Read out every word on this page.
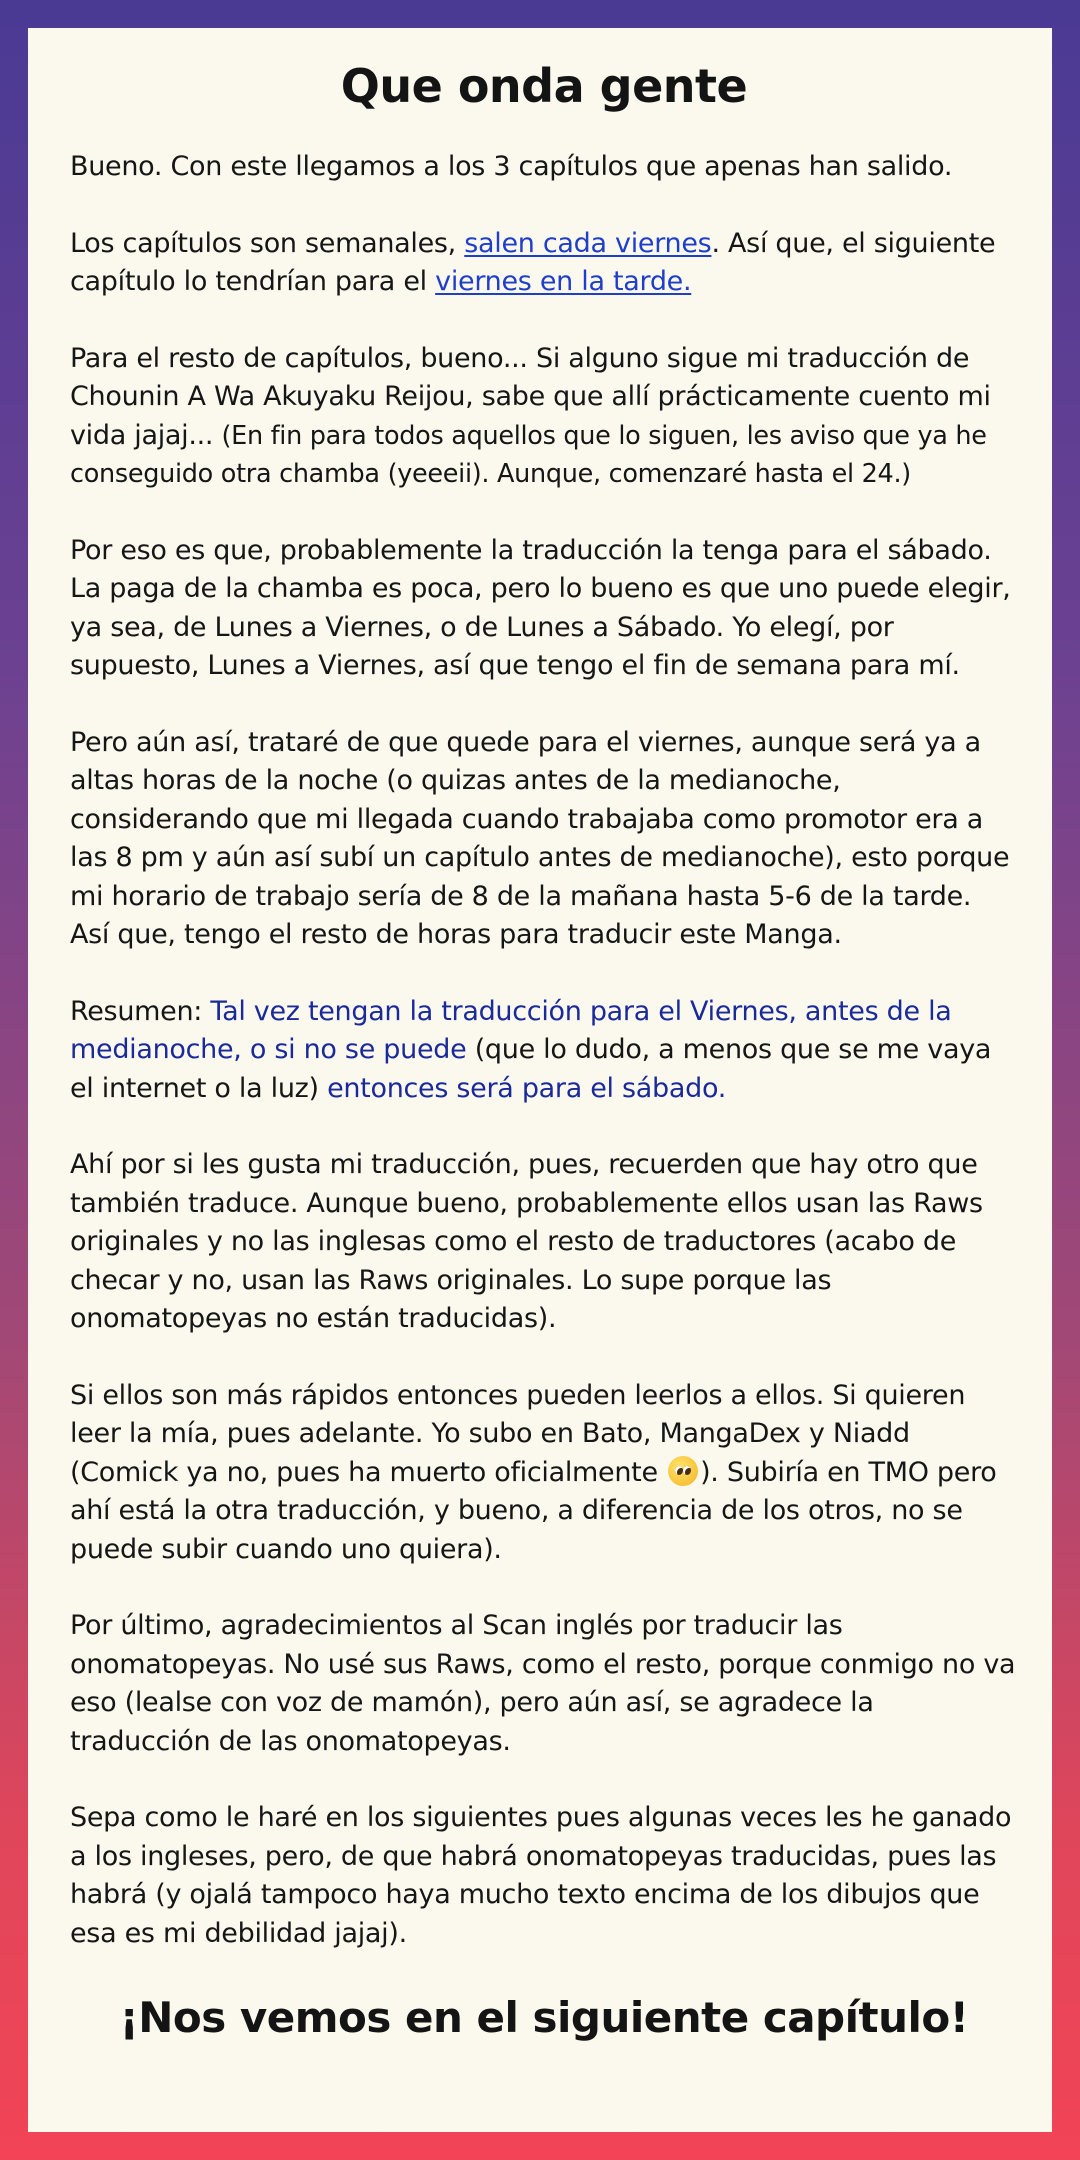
Que onda gente

Bueno. Con este llegamos a los 3 capítulos que apenas han salido.

Los capítulos son semanales, salen cada viernes. Así que, el siguiente capítulo lo tendrían para el viernes en la tarde.

Para el resto de capítulos, bueno... Si alguno sigue mi traducción de Chounin A Wa Akuyaku Reijou, sabe que allí prácticamente cuento mi vida jajaj... (En fin para todos aquellos que lo siguen, les aviso que ya he conseguido otra chamba (yeeeii). Aunque, comenzaré hasta el 24.)

Por eso es que, probablemente la traducción la tenga para el sábado. La paga de la chamba es poca, pero lo bueno es que uno puede elegir, ya sea, de Lunes a Viernes, o de Lunes a Sábado. Yo elegí, por supuesto, Lunes a Viernes, así que tengo el fin de semana para mí.

Pero aún así, trataré de que quede para el viernes, aunque será ya a altas horas de la noche (o quizas antes de la medianoche, considerando que mi llegada cuando trabajaba como promotor era a las 8 pm y aún así subí un capítulo antes de medianoche), esto porque mi horario de trabajo sería de 8 de la mañana hasta 5-6 de la tarde. Así que, tengo el resto de horas para traducir este Manga.

Resumen: Tal vez tengan la traducción para el Viernes, antes de la medianoche, o si no se puede (que lo dudo, a menos que se me vaya el internet o la luz) entonces será para el sábado.

Ahí por si les gusta mi traducción, pues, recuerden que hay otro que también traduce. Aunque bueno, probablemente ellos usan las Raws originales y no las inglesas como el resto de traductores (acabo de checar y no, usan las Raws originales. Lo supe porque las onomatopeyas no están traducidas).

Si ellos son más rápidos entonces pueden leerlos a ellos. Si quieren leer la mía, pues adelante. Yo subo en Bato, MangaDex y Niadd (Comick ya no, pues ha muerto oficialmente ). Subiría en TMO pero ahí está la otra traducción, y bueno, a diferencia de los otros, no se puede subir cuando uno quiera).

Por último, agradecimientos al Scan inglés por traducir las onomatopeyas. No usé sus Raws, como el resto, porque conmigo no va eso (lealse con voz de mamón), pero aún así, se agradece la traducción de las onomatopeyas.

Sepa como le haré en los siguientes pues algunas veces les he ganado a los ingleses, pero, de que habrá onomatopeyas traducidas, pues las habrá (y ojalá tampoco haya mucho texto encima de los dibujos que esa es mi debilidad jajaj).

¡Nos vemos en el siguiente capítulo!
